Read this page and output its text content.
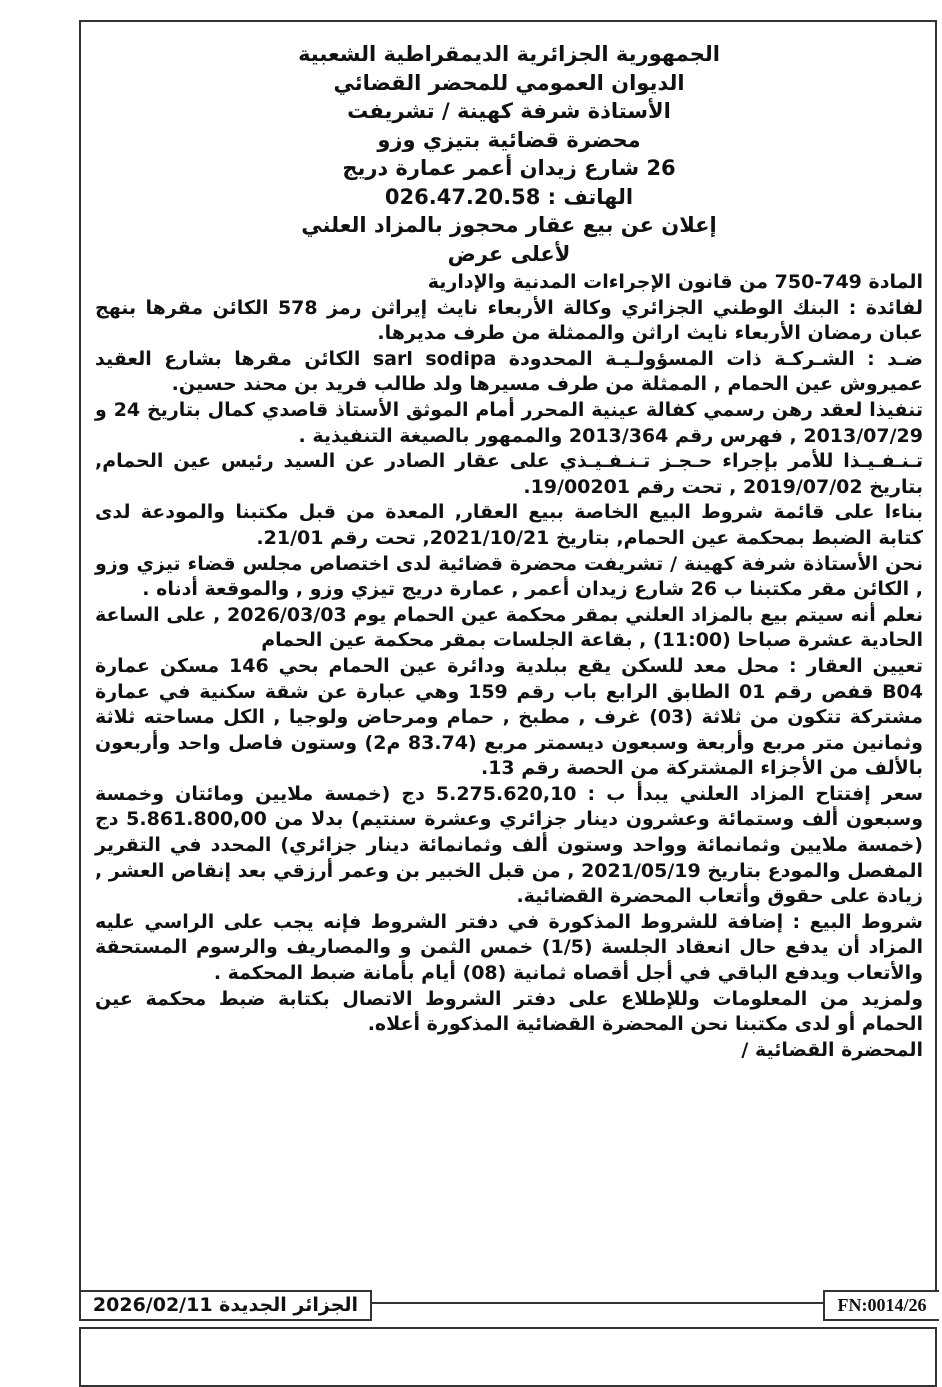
الجمهورية الجزائرية الديمقراطية الشعبية
الديوان العمومي للمحضر القضائي
الأستاذة شرفة كهينة / تشريفت
محضرة قضائية بتيزي وزو
26 شارع زيدان أعمر عمارة دريج
الهاتف : 026.47.20.58
إعلان عن بيع عقار محجوز بالمزاد العلني
لأعلى عرض

المادة 749-750 من قانون الإجراءات المدنية والإدارية

لفائدة : البنك الوطني الجزائري وكالة الأربعاء نايث إيراثن رمز 578 الكائن مقرها بنهج عبان رمضان الأربعاء نايث اراثن والممثلة من طرف مديرها.

ضـد : الشـركـة ذات المسؤولـيـة المحدودة sarl sodipa الكائن مقرها بشارع العقيد عميروش عين الحمام , الممثلة من طرف مسيرها ولد طالب فريد بن محند حسين.

تنفيذا لعقد رهن رسمي كفالة عينية المحرر أمام الموثق الأستاذ قاصدي كمال بتاريخ 24 و 2013/07/29 , فهرس رقم 2013/364 والممهور بالصيغة التنفيذية .

تـنـفـيـذا للأمر بإجراء حـجـز تـنـفـيـذي على عقار الصادر عن السيد رئيس عين الحمام, بتاريخ 2019/07/02 , تحت رقم 19/00201.

بناءا على قائمة شروط البيع الخاصة ببيع العقار, المعدة من قبل مكتبنا والمودعة لدى كتابة الضبط بمحكمة عين الحمام, بتاريخ 2021/10/21, تحت رقم 21/01.

نحن الأستاذة شرفة كهينة / تشريفت محضرة قضائية لدى اختصاص مجلس قضاء تيزي وزو , الكائن مقر مكتبنا ب 26 شارع زيدان أعمر , عمارة دريج تيزي وزو , والموقعة أدناه .

نعلم أنه سيتم بيع بالمزاد العلني بمقر محكمة عين الحمام يوم 2026/03/03 , على الساعة الحادية عشرة صباحا (11:00) , بقاعة الجلسات بمقر محكمة عين الحمام

تعيين العقار : محل معد للسكن يقع ببلدية ودائرة عين الحمام بحي 146 مسكن عمارة B04 قفص رقم 01 الطابق الرابع باب رقم 159 وهي عبارة عن شقة سكنية في عمارة مشتركة تتكون من ثلاثة (03) غرف , مطبخ , حمام ومرحاض ولوجيا , الكل مساحته ثلاثة وثمانين متر مربع وأربعة وسبعون ديسمتر مربع (83.74 م2) وستون فاصل واحد وأربعون بالألف من الأجزاء المشتركة من الحصة رقم 13.

سعر إفتتاح المزاد العلني يبدأ ب : 5.275.620,10 دج (خمسة ملايين ومائتان وخمسة وسبعون ألف وستمائة وعشرون دينار جزائري وعشرة سنتيم) بدلا من 5.861.800,00 دج (خمسة ملايين وثمانمائة وواحد وستون ألف وثمانمائة دينار جزائري) المحدد في التقرير المفصل والمودع بتاريخ 2021/05/19 , من قبل الخبير بن وعمر أرزقي بعد إنقاص العشر , زيادة على حقوق وأتعاب المحضرة القضائية.

شروط البيع : إضافة للشروط المذكورة في دفتر الشروط فإنه يجب على الراسي عليه المزاد أن يدفع حال انعقاد الجلسة (1/5) خمس الثمن و والمصاريف والرسوم المستحقة والأتعاب ويدفع الباقي في أجل أقصاه ثمانية (08) أيام بأمانة ضبط المحكمة .

ولمزيد من المعلومات وللإطلاع على دفتر الشروط الاتصال بكتابة ضبط محكمة عين الحمام أو لدى مكتبنا نحن المحضرة القضائية المذكورة أعلاه.

المحضرة القضائية /

الجزائر الجديدة 2026/02/11	FN:0014/26
